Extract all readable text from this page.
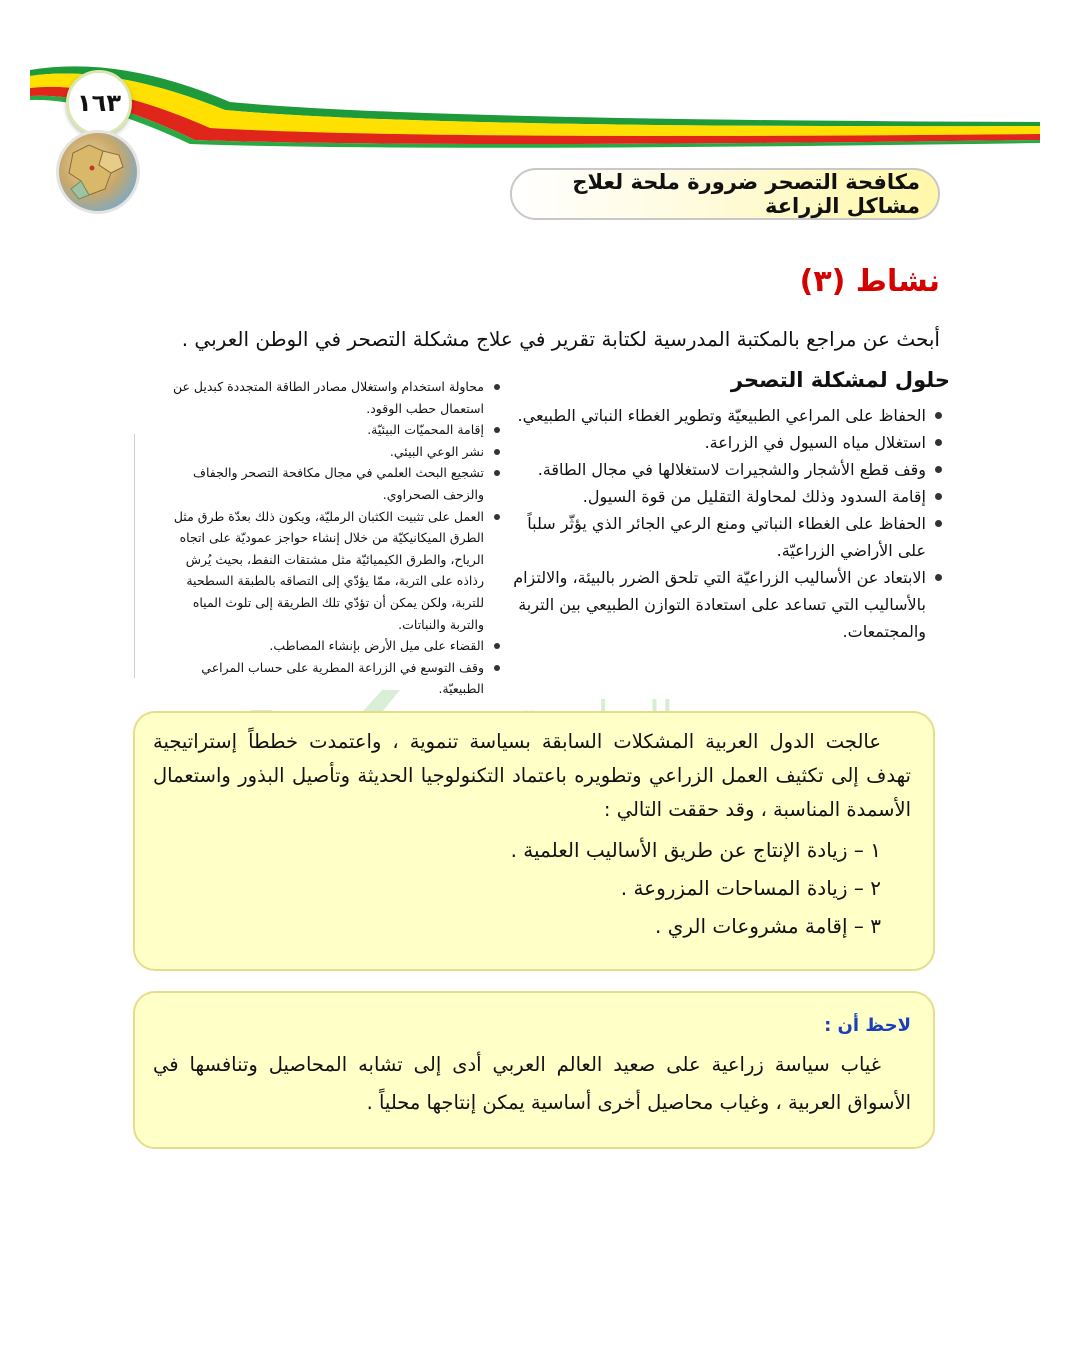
١٦٣
مكافحة التصحر ضرورة ملحة لعلاج مشاكل الزراعة
نشاط (٣)
أبحث عن مراجع بالمكتبة المدرسية لكتابة تقرير في علاج مشكلة التصحر في الوطن العربي .
حلول لمشكلة التصحر
الحفاظ على المراعي الطبيعيّة وتطوير الغطاء النباتي الطبيعي.
استغلال مياه السيول في الزراعة.
وقف قطع الأشجار والشجيرات لاستغلالها في مجال الطاقة.
إقامة السدود وذلك لمحاولة التقليل من قوة السيول.
الحفاظ على الغطاء النباتي ومنع الرعي الجائر الذي يؤثّر سلباً على الأراضي الزراعيّة.
الابتعاد عن الأساليب الزراعيّة التي تلحق الضرر بالبيئة، والالتزام بالأساليب التي تساعد على استعادة التوازن الطبيعي بين التربة والمجتمعات.
محاولة استخدام واستغلال مصادر الطاقة المتجددة كبديل عن استعمال حطب الوقود.
إقامة المحميّات البيئيّة.
نشر الوعي البيئي.
تشجيع البحث العلمي في مجال مكافحة التصحر والجفاف والزحف الصحراوي.
العمل على تثبيت الكثبان الرمليّة، ويكون ذلك بعدّة طرق مثل الطرق الميكانيكيّة من خلال إنشاء حواجز عموديّة على اتجاه الرياح، والطرق الكيميائيّة مثل مشتقات النفط، بحيث يُرش رذاذه على التربة، ممّا يؤدّي إلى التصاقه بالطبقة السطحية للتربة، ولكن يمكن أن تؤدّي تلك الطريقة إلى تلوث المياه والتربة والنباتات.
القضاء على ميل الأرض بإنشاء المصاطب.
وقف التوسع في الزراعة المطرية على حساب المراعي الطبيعيّة.
عالجت الدول العربية المشكلات السابقة بسياسة تنموية ، واعتمدت خططاً إستراتيجية تهدف إلى تكثيف العمل الزراعي وتطويره باعتماد التكنولوجيا الحديثة وتأصيل البذور واستعمال الأسمدة المناسبة ، وقد حققت التالي :
١ – زيادة الإنتاج عن طريق الأساليب العلمية .
٢ – زيادة المساحات المزروعة .
٣ – إقامة مشروعات الري .
لاحظ أن :
غياب سياسة زراعية على صعيد العالم العربي أدى إلى تشابه المحاصيل وتنافسها في الأسواق العربية ، وغياب محاصيل أخرى أساسية يمكن إنتاجها محلياً .
